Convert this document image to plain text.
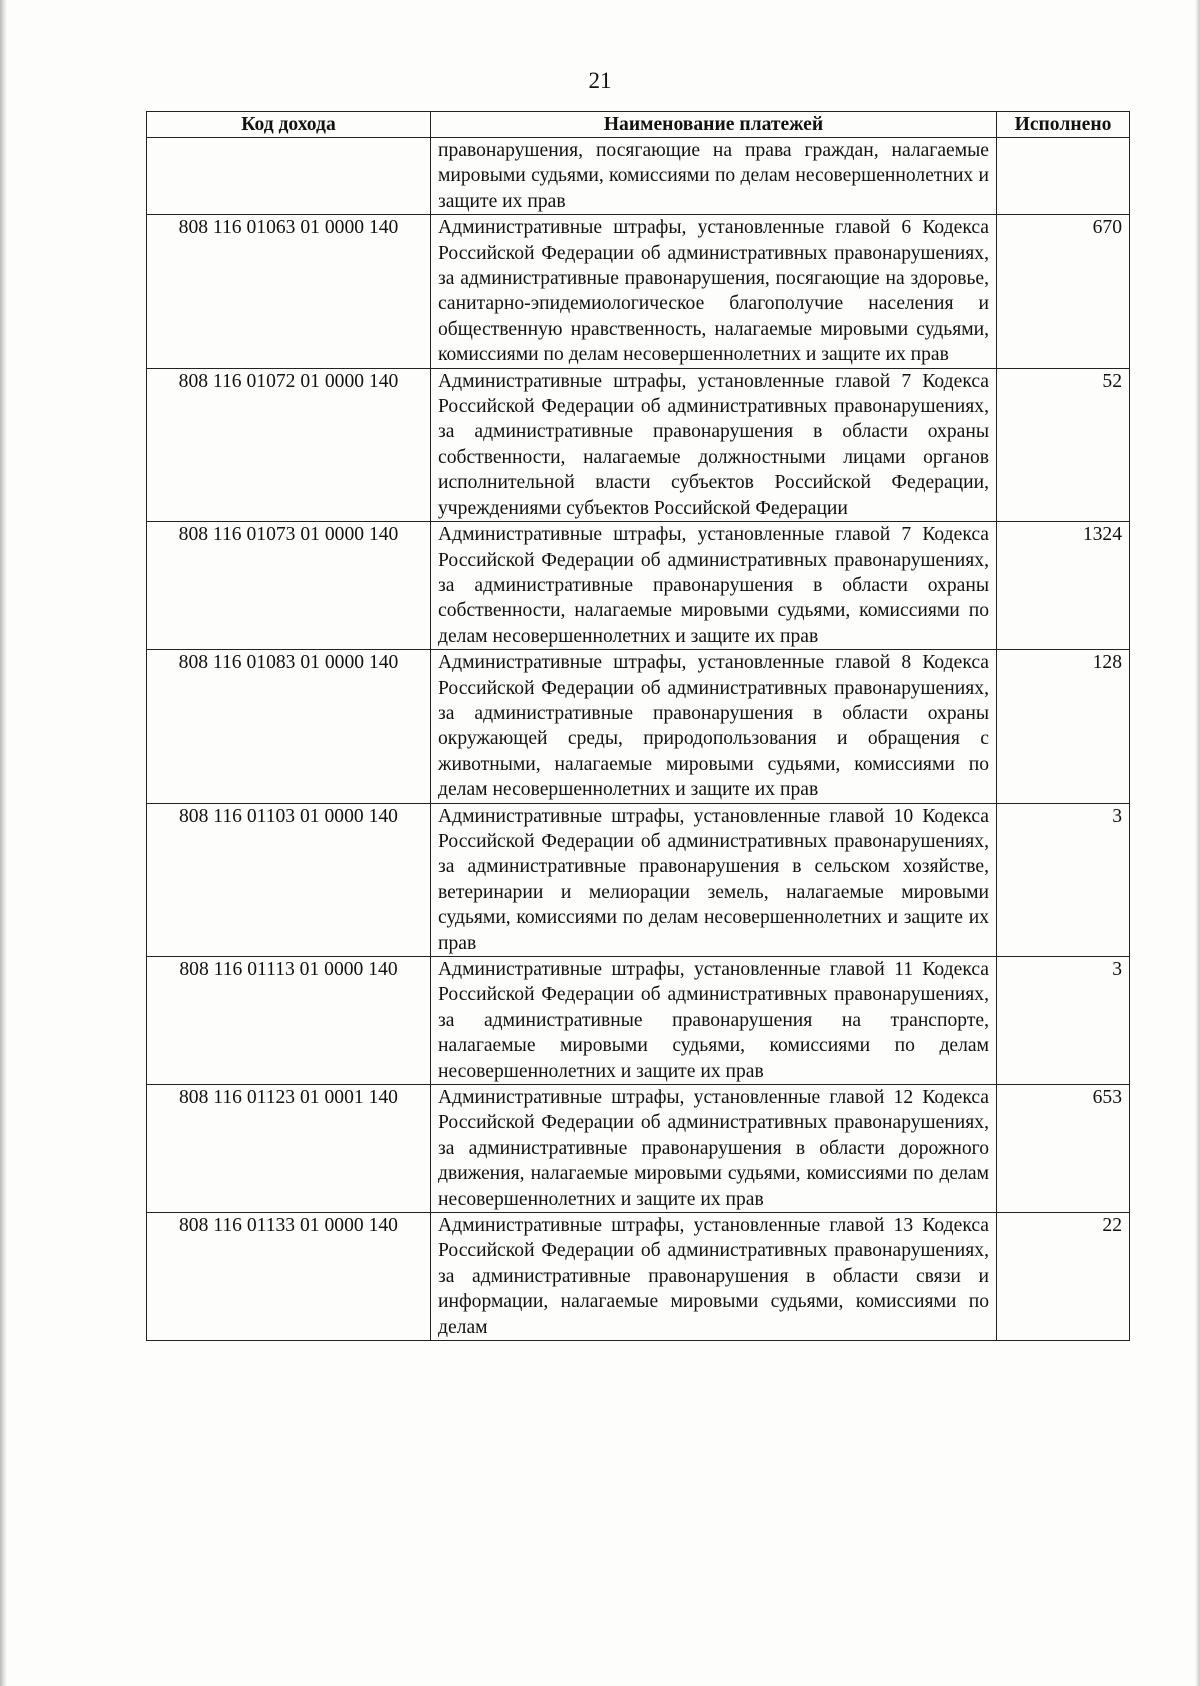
21
Код дохода	Наименование платежей	Исполнено
	правонарушения, посягающие на права граждан, налагаемые мировыми судьями, комиссиями по делам несовершеннолетних и защите их прав	
808 116 01063 01 0000 140	Административные штрафы, установленные главой 6 Кодекса Российской Федерации об административных правонарушениях, за административные правонарушения, посягающие на здоровье, санитарно-эпидемиологическое благополучие населения и общественную нравственность, налагаемые мировыми судьями, комиссиями по делам несовершеннолетних и защите их прав	670
808 116 01072 01 0000 140	Административные штрафы, установленные главой 7 Кодекса Российской Федерации об административных правонарушениях, за административные правонарушения в области охраны собственности, налагаемые должностными лицами органов исполнительной власти субъектов Российской Федерации, учреждениями субъектов Российской Федерации	52
808 116 01073 01 0000 140	Административные штрафы, установленные главой 7 Кодекса Российской Федерации об административных правонарушениях, за административные правонарушения в области охраны собственности, налагаемые мировыми судьями, комиссиями по делам несовершеннолетних и защите их прав	1324
808 116 01083 01 0000 140	Административные штрафы, установленные главой 8 Кодекса Российской Федерации об административных правонарушениях, за административные правонарушения в области охраны окружающей среды, природопользования и обращения с животными, налагаемые мировыми судьями, комиссиями по делам несовершеннолетних и защите их прав	128
808 116 01103 01 0000 140	Административные штрафы, установленные главой 10 Кодекса Российской Федерации об административных правонарушениях, за административные правонарушения в сельском хозяйстве, ветеринарии и мелиорации земель, налагаемые мировыми судьями, комиссиями по делам несовершеннолетних и защите их прав	3
808 116 01113 01 0000 140	Административные штрафы, установленные главой 11 Кодекса Российской Федерации об административных правонарушениях, за административные правонарушения на транспорте, налагаемые мировыми судьями, комиссиями по делам несовершеннолетних и защите их прав	3
808 116 01123 01 0001 140	Административные штрафы, установленные главой 12 Кодекса Российской Федерации об административных правонарушениях, за административные правонарушения в области дорожного движения, налагаемые мировыми судьями, комиссиями по делам несовершеннолетних и защите их прав	653
808 116 01133 01 0000 140	Административные штрафы, установленные главой 13 Кодекса Российской Федерации об административных правонарушениях, за административные правонарушения в области связи и информации, налагаемые мировыми судьями, комиссиями по делам	22
